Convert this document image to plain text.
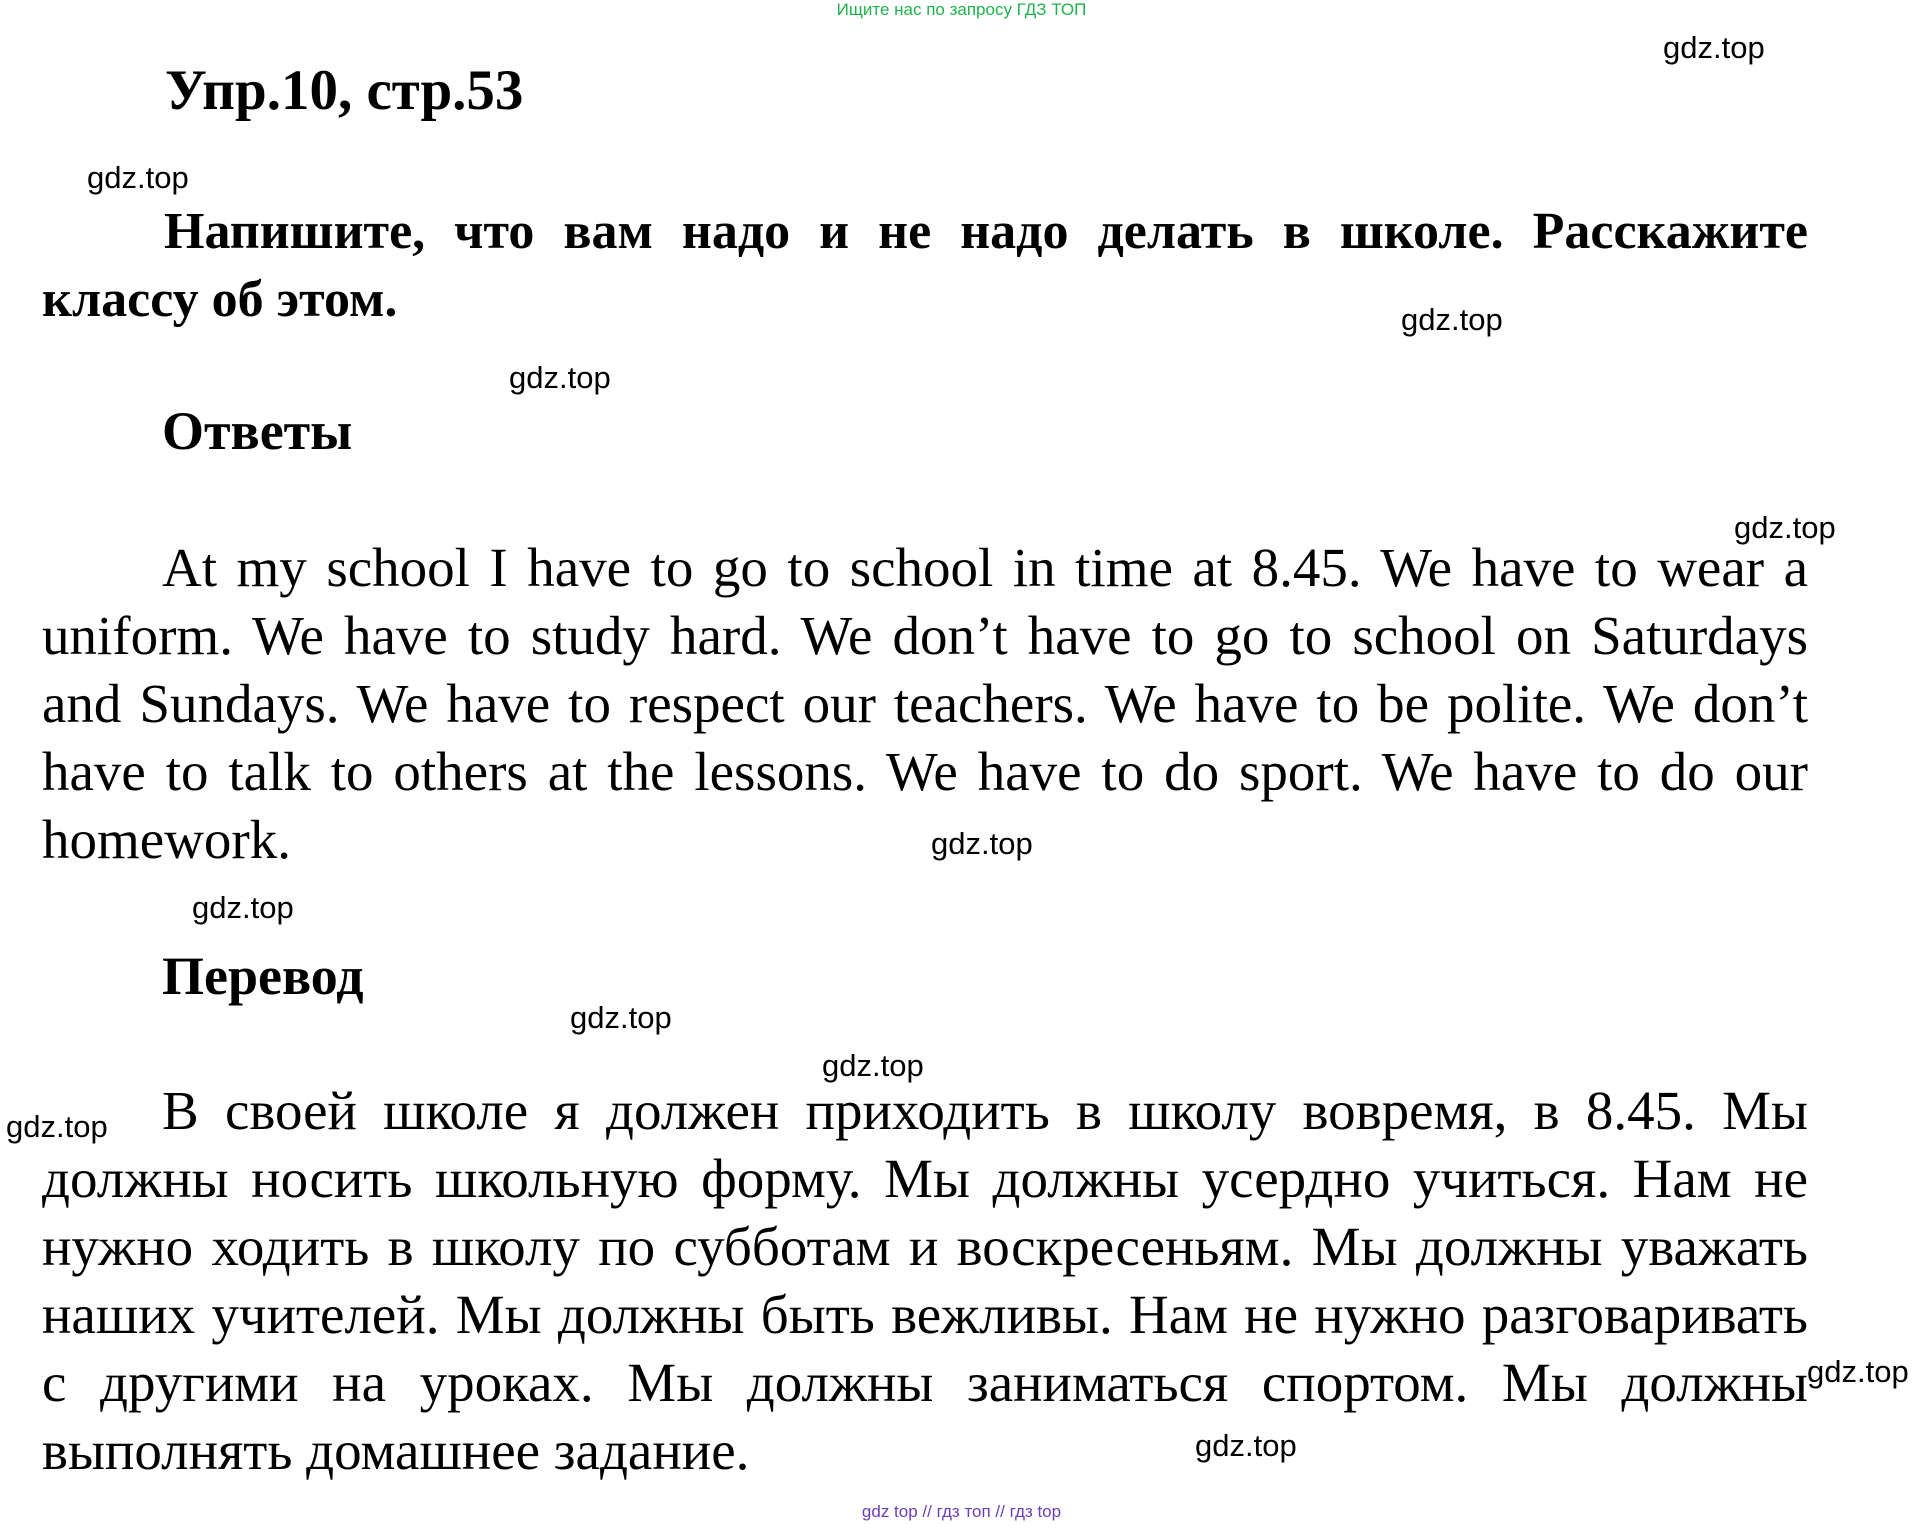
Ищите нас по запросу ГДЗ ТОП
Упр.10, стр.53
Напишите, что вам надо и не надо делать в школе. Расскажите классу об этом.
Ответы
At my school I have to go to school in time at 8.45. We have to wear a uniform. We have to study hard. We don’t have to go to school on Saturdays and Sundays. We have to respect our teachers. We have to be polite. We don’t have to talk to others at the lessons. We have to do sport. We have to do our homework.
Перевод
В своей школе я должен приходить в школу вовремя, в 8.45. Мы должны носить школьную форму. Мы должны усердно учиться. Нам не нужно ходить в школу по субботам и воскресеньям. Мы должны уважать наших учителей. Мы должны быть вежливы. Нам не нужно разговаривать с другими на уроках. Мы должны заниматься спортом. Мы должны выполнять домашнее задание.
gdz.top
gdz.top
gdz.top
gdz.top
gdz.top
gdz.top
gdz.top
gdz.top
gdz.top
gdz.top
gdz.top
gdz.top
gdz top // гдз топ // гдз top
